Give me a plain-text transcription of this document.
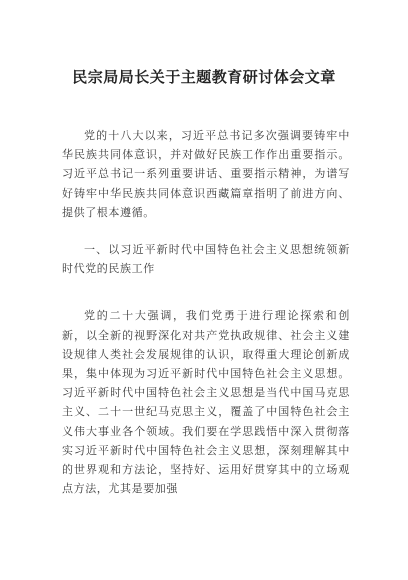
民宗局局长关于主题教育研讨体会文章

党的十八大以来，习近平总书记多次强调要铸牢中华民族共同体意识，并对做好民族工作作出重要指示。习近平总书记一系列重要讲话、重要指示精神，为谱写好铸牢中华民族共同体意识西藏篇章指明了前进方向、提供了根本遵循。

一、以习近平新时代中国特色社会主义思想统领新时代党的民族工作

党的二十大强调，我们党勇于进行理论探索和创新，以全新的视野深化对共产党执政规律、社会主义建设规律人类社会发展规律的认识，取得重大理论创新成果，集中体现为习近平新时代中国特色社会主义思想。习近平新时代中国特色社会主义思想是当代中国马克思主义、二十一世纪马克思主义，覆盖了中国特色社会主义伟大事业各个领域。我们要在学思践悟中深入贯彻落实习近平新时代中国特色社会主义思想，深刻理解其中的世界观和方法论，坚持好、运用好贯穿其中的立场观点方法，尤其是要加强
